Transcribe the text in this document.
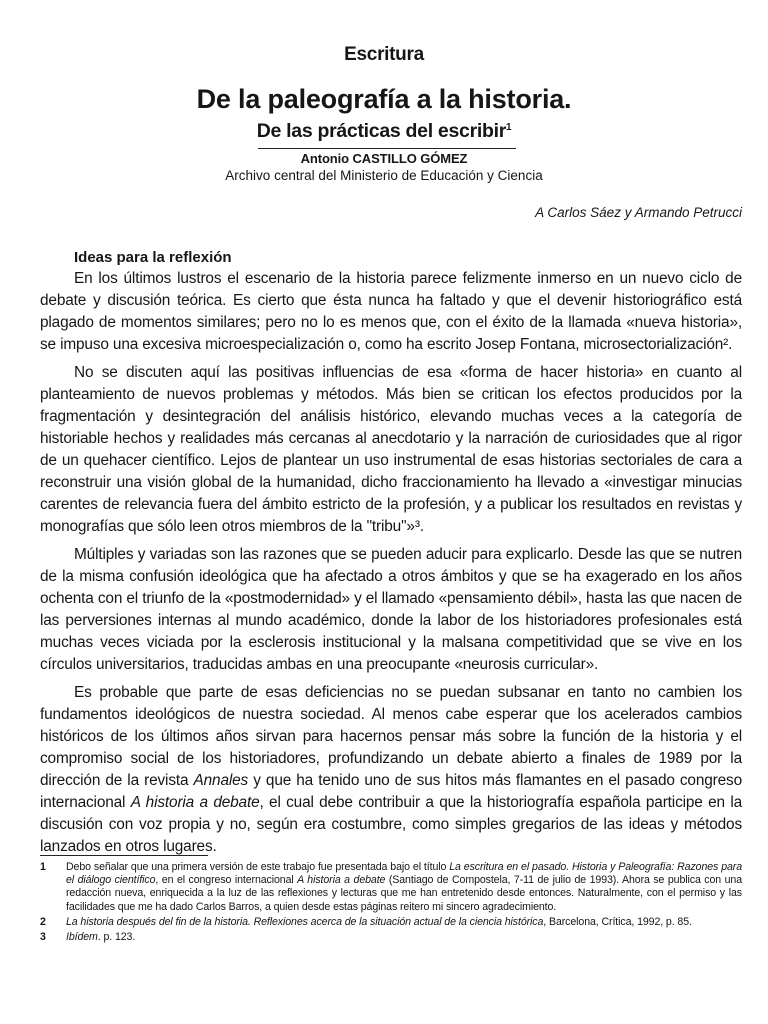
Escritura
De la paleografía a la historia.
De las prácticas del escribir$^1$
Antonio CASTILLO GÓMEZ
Archivo central del Ministerio de Educación y Ciencia
A Carlos Sáez y Armando Petrucci
Ideas para la reflexión

En los últimos lustros el escenario de la historia parece felizmente inmerso en un nuevo ciclo de debate y discusión teórica. Es cierto que ésta nunca ha faltado y que el devenir historiográfico está plagado de momentos similares; pero no lo es menos que, con el éxito de la llamada «nueva historia», se impuso una excesiva microespecialización o, como ha escrito Josep Fontana, microsectorialización².

No se discuten aquí las positivas influencias de esa «forma de hacer historia» en cuanto al planteamiento de nuevos problemas y métodos. Más bien se critican los efectos producidos por la fragmentación y desintegración del análisis histórico, elevando muchas veces a la categoría de historiable hechos y realidades más cercanas al anecdotario y la narración de curiosidades que al rigor de un quehacer científico. Lejos de plantear un uso instrumental de esas historias sectoriales de cara a reconstruir una visión global de la humanidad, dicho fraccionamiento ha llevado a «investigar minucias carentes de relevancia fuera del ámbito estricto de la profesión, y a publicar los resultados en revistas y monografías que sólo leen otros miembros de la "tribu"»³.

Múltiples y variadas son las razones que se pueden aducir para explicarlo. Desde las que se nutren de la misma confusión ideológica que ha afectado a otros ámbitos y que se ha exagerado en los años ochenta con el triunfo de la «postmodernidad» y el llamado «pensamiento débil», hasta las que nacen de las perversiones internas al mundo académico, donde la labor de los historiadores profesionales está muchas veces viciada por la esclerosis institucional y la malsana competitividad que se vive en los círculos universitarios, traducidas ambas en una preocupante «neurosis curricular».

Es probable que parte de esas deficiencias no se puedan subsanar en tanto no cambien los fundamentos ideológicos de nuestra sociedad. Al menos cabe esperar que los acelerados cambios históricos de los últimos años sirvan para hacernos pensar más sobre la función de la historia y el compromiso social de los historiadores, profundizando un debate abierto a finales de 1989 por la dirección de la revista Annales y que ha tenido uno de sus hitos más flamantes en el pasado congreso internacional A historia a debate, el cual debe contribuir a que la historiografía española participe en la discusión con voz propia y no, según era costumbre, como simples gregarios de las ideas y métodos lanzados en otros lugares.

1	Debo señalar que una primera versión de este trabajo fue presentada bajo el título La escritura en el pasado. Historia y Paleografía: Razones para el diálogo científico, en el congreso internacional A historia a debate (Santiago de Compostela, 7-11 de julio de 1993). Ahora se publica con una redacción nueva, enriquecida a la luz de las reflexiones y lecturas que me han entretenido desde entonces. Naturalmente, con el permiso y las facilidades que me ha dado Carlos Barros, a quien desde estas páginas reitero mi sincero agradecimiento.
2	La historia después del fin de la historia. Reflexiones acerca de la situación actual de la ciencia histórica, Barcelona, Crítica, 1992, p. 85.
3	Ibídem. p. 123.
